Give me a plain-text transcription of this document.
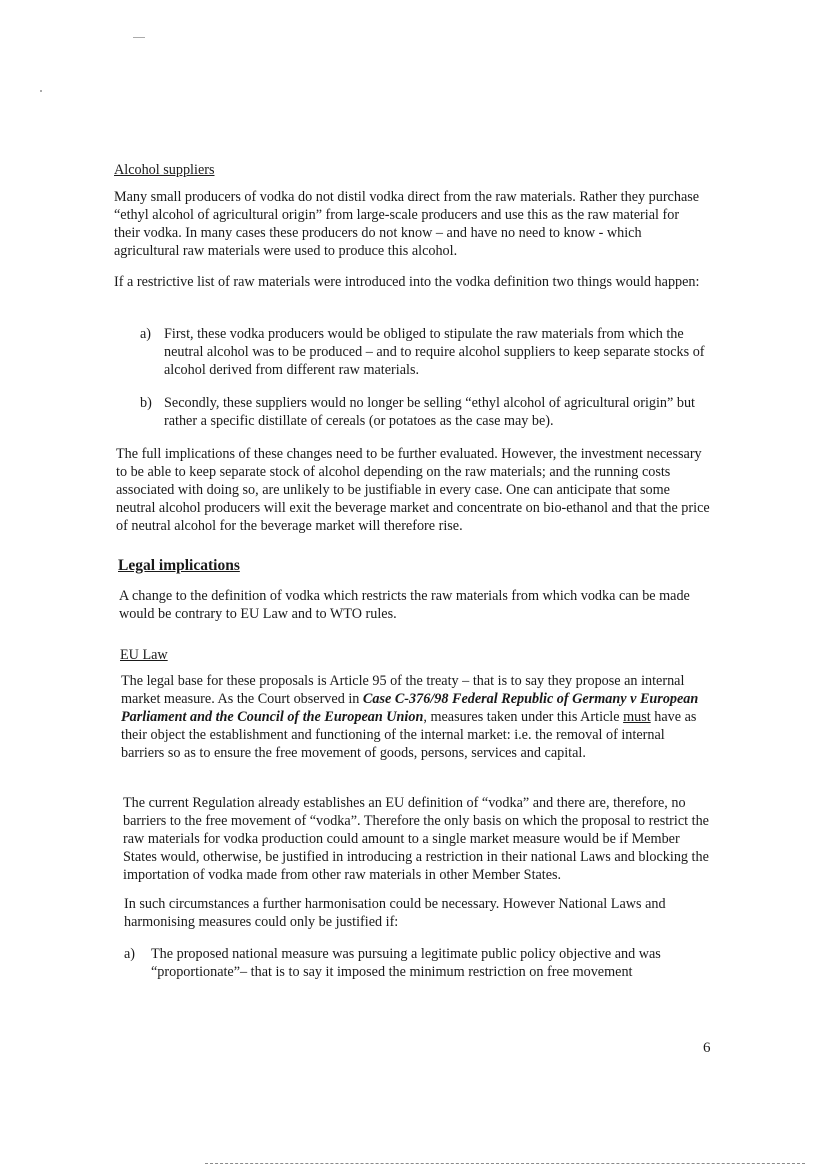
Alcohol suppliers
Many small producers of vodka do not distil vodka direct from the raw materials. Rather they purchase “ethyl alcohol of agricultural origin” from large-scale producers and use this as the raw material for their vodka. In many cases these producers do not know – and have no need to know - which agricultural raw materials were used to produce this alcohol.
If a restrictive list of raw materials were introduced into the vodka definition two things would happen:
a) First, these vodka producers would be obliged to stipulate the raw materials from which the neutral alcohol was to be produced – and to require alcohol suppliers to keep separate stocks of alcohol derived from different raw materials.
b) Secondly, these suppliers would no longer be selling “ethyl alcohol of agricultural origin” but rather a specific distillate of cereals (or potatoes as the case may be).
The full implications of these changes need to be further evaluated. However, the investment necessary to be able to keep separate stock of alcohol depending on the raw materials; and the running costs associated with doing so, are unlikely to be justifiable in every case. One can anticipate that some neutral alcohol producers will exit the beverage market and concentrate on bio-ethanol and that the price of neutral alcohol for the beverage market will therefore rise.
Legal implications
A change to the definition of vodka which restricts the raw materials from which vodka can be made would be contrary to EU Law and to WTO rules.
EU Law
The legal base for these proposals is Article 95 of the treaty – that is to say they propose an internal market measure. As the Court observed in Case C-376/98 Federal Republic of Germany v European Parliament and the Council of the European Union, measures taken under this Article must have as their object the establishment and functioning of the internal market: i.e. the removal of internal barriers so as to ensure the free movement of goods, persons, services and capital.
The current Regulation already establishes an EU definition of “vodka” and there are, therefore, no barriers to the free movement of “vodka”. Therefore the only basis on which the proposal to restrict the raw materials for vodka production could amount to a single market measure would be if Member States would, otherwise, be justified in introducing a restriction in their national Laws and blocking the importation of vodka made from other raw materials in other Member States.
In such circumstances a further harmonisation could be necessary. However National Laws and harmonising measures could only be justified if:
a) The proposed national measure was pursuing a legitimate public policy objective and was “proportionate”– that is to say it imposed the minimum restriction on free movement
6
